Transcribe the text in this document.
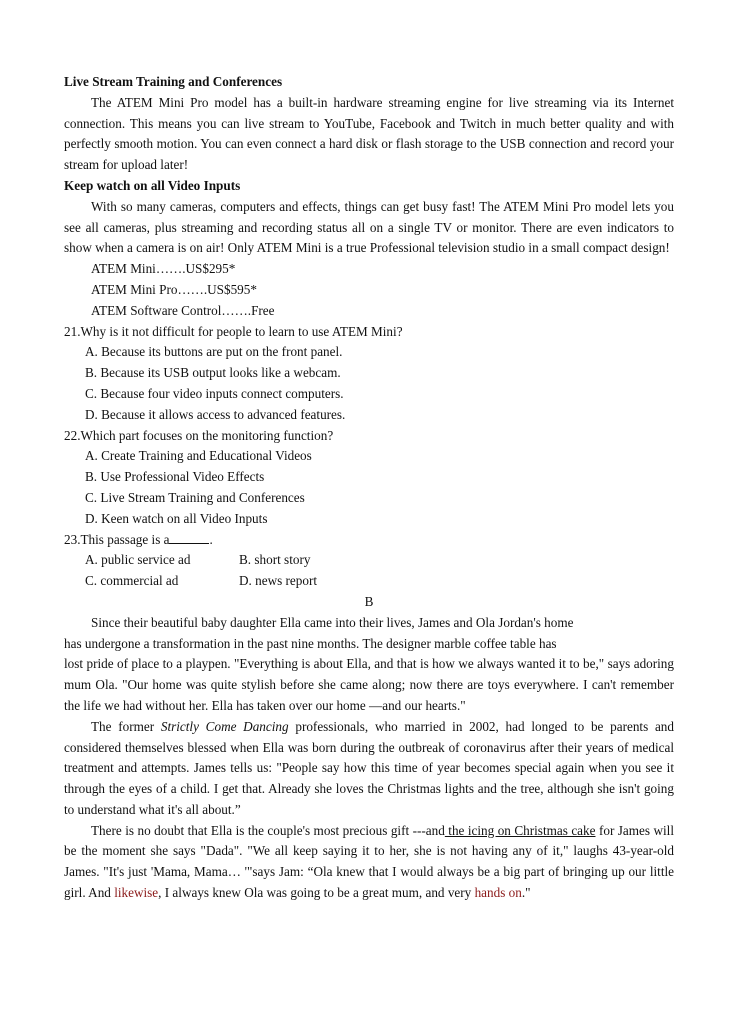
Live Stream Training and Conferences

The ATEM Mini Pro model has a built-in hardware streaming engine for live streaming via its Internet connection. This means you can live stream to YouTube, Facebook and Twitch in much better quality and with perfectly smooth motion. You can even connect a hard disk or flash storage to the USB connection and record your stream for upload later!

Keep watch on all Video Inputs

With so many cameras, computers and effects, things can get busy fast! The ATEM Mini Pro model lets you see all cameras, plus streaming and recording status all on a single TV or monitor. There are even indicators to show when a camera is on air! Only ATEM Mini is a true Professional television studio in a small compact design!

ATEM Mini…….US$295*

ATEM Mini Pro…….US$595*

ATEM Software Control…….Free

21.Why is it not difficult for people to learn to use ATEM Mini?

A. Because its buttons are put on the front panel.

B. Because its USB output looks like a webcam.

C. Because four video inputs connect computers.

D. Because it allows access to advanced features.

22.Which part focuses on the monitoring function?

A. Create Training and Educational Videos

B. Use Professional Video Effects

C. Live Stream Training and Conferences

D. Keen watch on all Video Inputs

23.This passage is a	.

A. public service ad	B. short story

C. commercial ad	D. news report

B

Since their beautiful baby daughter Ella came into their lives, James and Ola Jordan's home

has undergone a transformation in the past nine months. The designer marble coffee table has

lost pride of place to a playpen. "Everything is about Ella, and that is how we always wanted it to be," says adoring mum Ola. "Our home was quite stylish before she came along; now there are toys everywhere. I can't remember the life we had without her. Ella has taken over our home —and our hearts."

The former Strictly Come Dancing professionals, who married in 2002, had longed to be parents and considered themselves blessed when Ella was born during the outbreak of coronavirus after their years of medical treatment and attempts. James tells us: "People say how this time of year becomes special again when you see it through the eyes of a child. I get that. Already she loves the Christmas lights and the tree, although she isn't going to understand what it's all about.”

There is no doubt that Ella is the couple's most precious gift ---and the icing on Christmas cake for James will be the moment she says "Dada". "We all keep saying it to her, she is not having any of it," laughs 43-year-old James. "It's just 'Mama, Mama… '"says Jam: “Ola knew that I would always be a big part of bringing up our little girl. And likewise, I always knew Ola was going to be a great mum, and very hands on."
